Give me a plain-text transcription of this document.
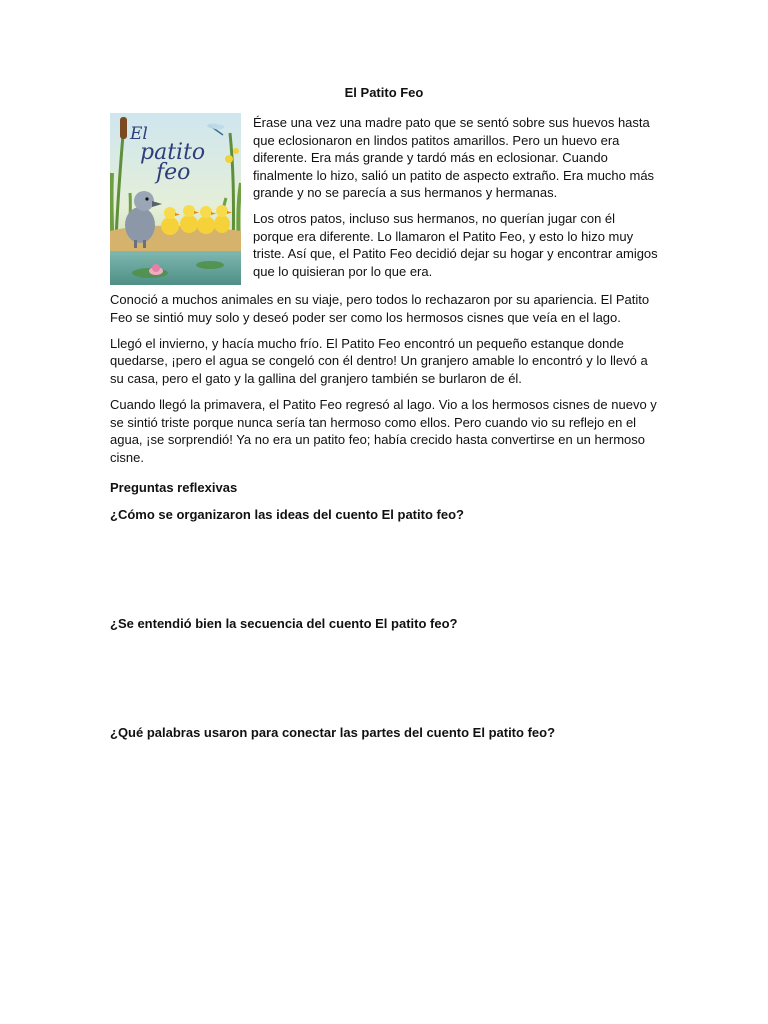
El Patito Feo
El
patito
feo

Érase una vez una madre pato que se sentó sobre sus huevos hasta que eclosionaron en lindos patitos amarillos. Pero un huevo era diferente. Era más grande y tardó más en eclosionar. Cuando finalmente lo hizo, salió un patito de aspecto extraño. Era mucho más grande y no se parecía a sus hermanos y hermanas.

Los otros patos, incluso sus hermanos, no querían jugar con él porque era diferente. Lo llamaron el Patito Feo, y esto lo hizo muy triste. Así que, el Patito Feo decidió dejar su hogar y encontrar amigos que lo quisieran por lo que era.

Conoció a muchos animales en su viaje, pero todos lo rechazaron por su apariencia. El Patito Feo se sintió muy solo y deseó poder ser como los hermosos cisnes que veía en el lago.

Llegó el invierno, y hacía mucho frío. El Patito Feo encontró un pequeño estanque donde quedarse, ¡pero el agua se congeló con él dentro! Un granjero amable lo encontró y lo llevó a su casa, pero el gato y la gallina del granjero también se burlaron de él.

Cuando llegó la primavera, el Patito Feo regresó al lago. Vio a los hermosos cisnes de nuevo y se sintió triste porque nunca sería tan hermoso como ellos. Pero cuando vio su reflejo en el agua, ¡se sorprendió! Ya no era un patito feo; había crecido hasta convertirse en un hermoso cisne.

Preguntas reflexivas
¿Cómo se organizaron las ideas del cuento El patito feo?
¿Se entendió bien la secuencia del cuento El patito feo?
¿Qué palabras usaron para conectar las partes del cuento El patito feo?
